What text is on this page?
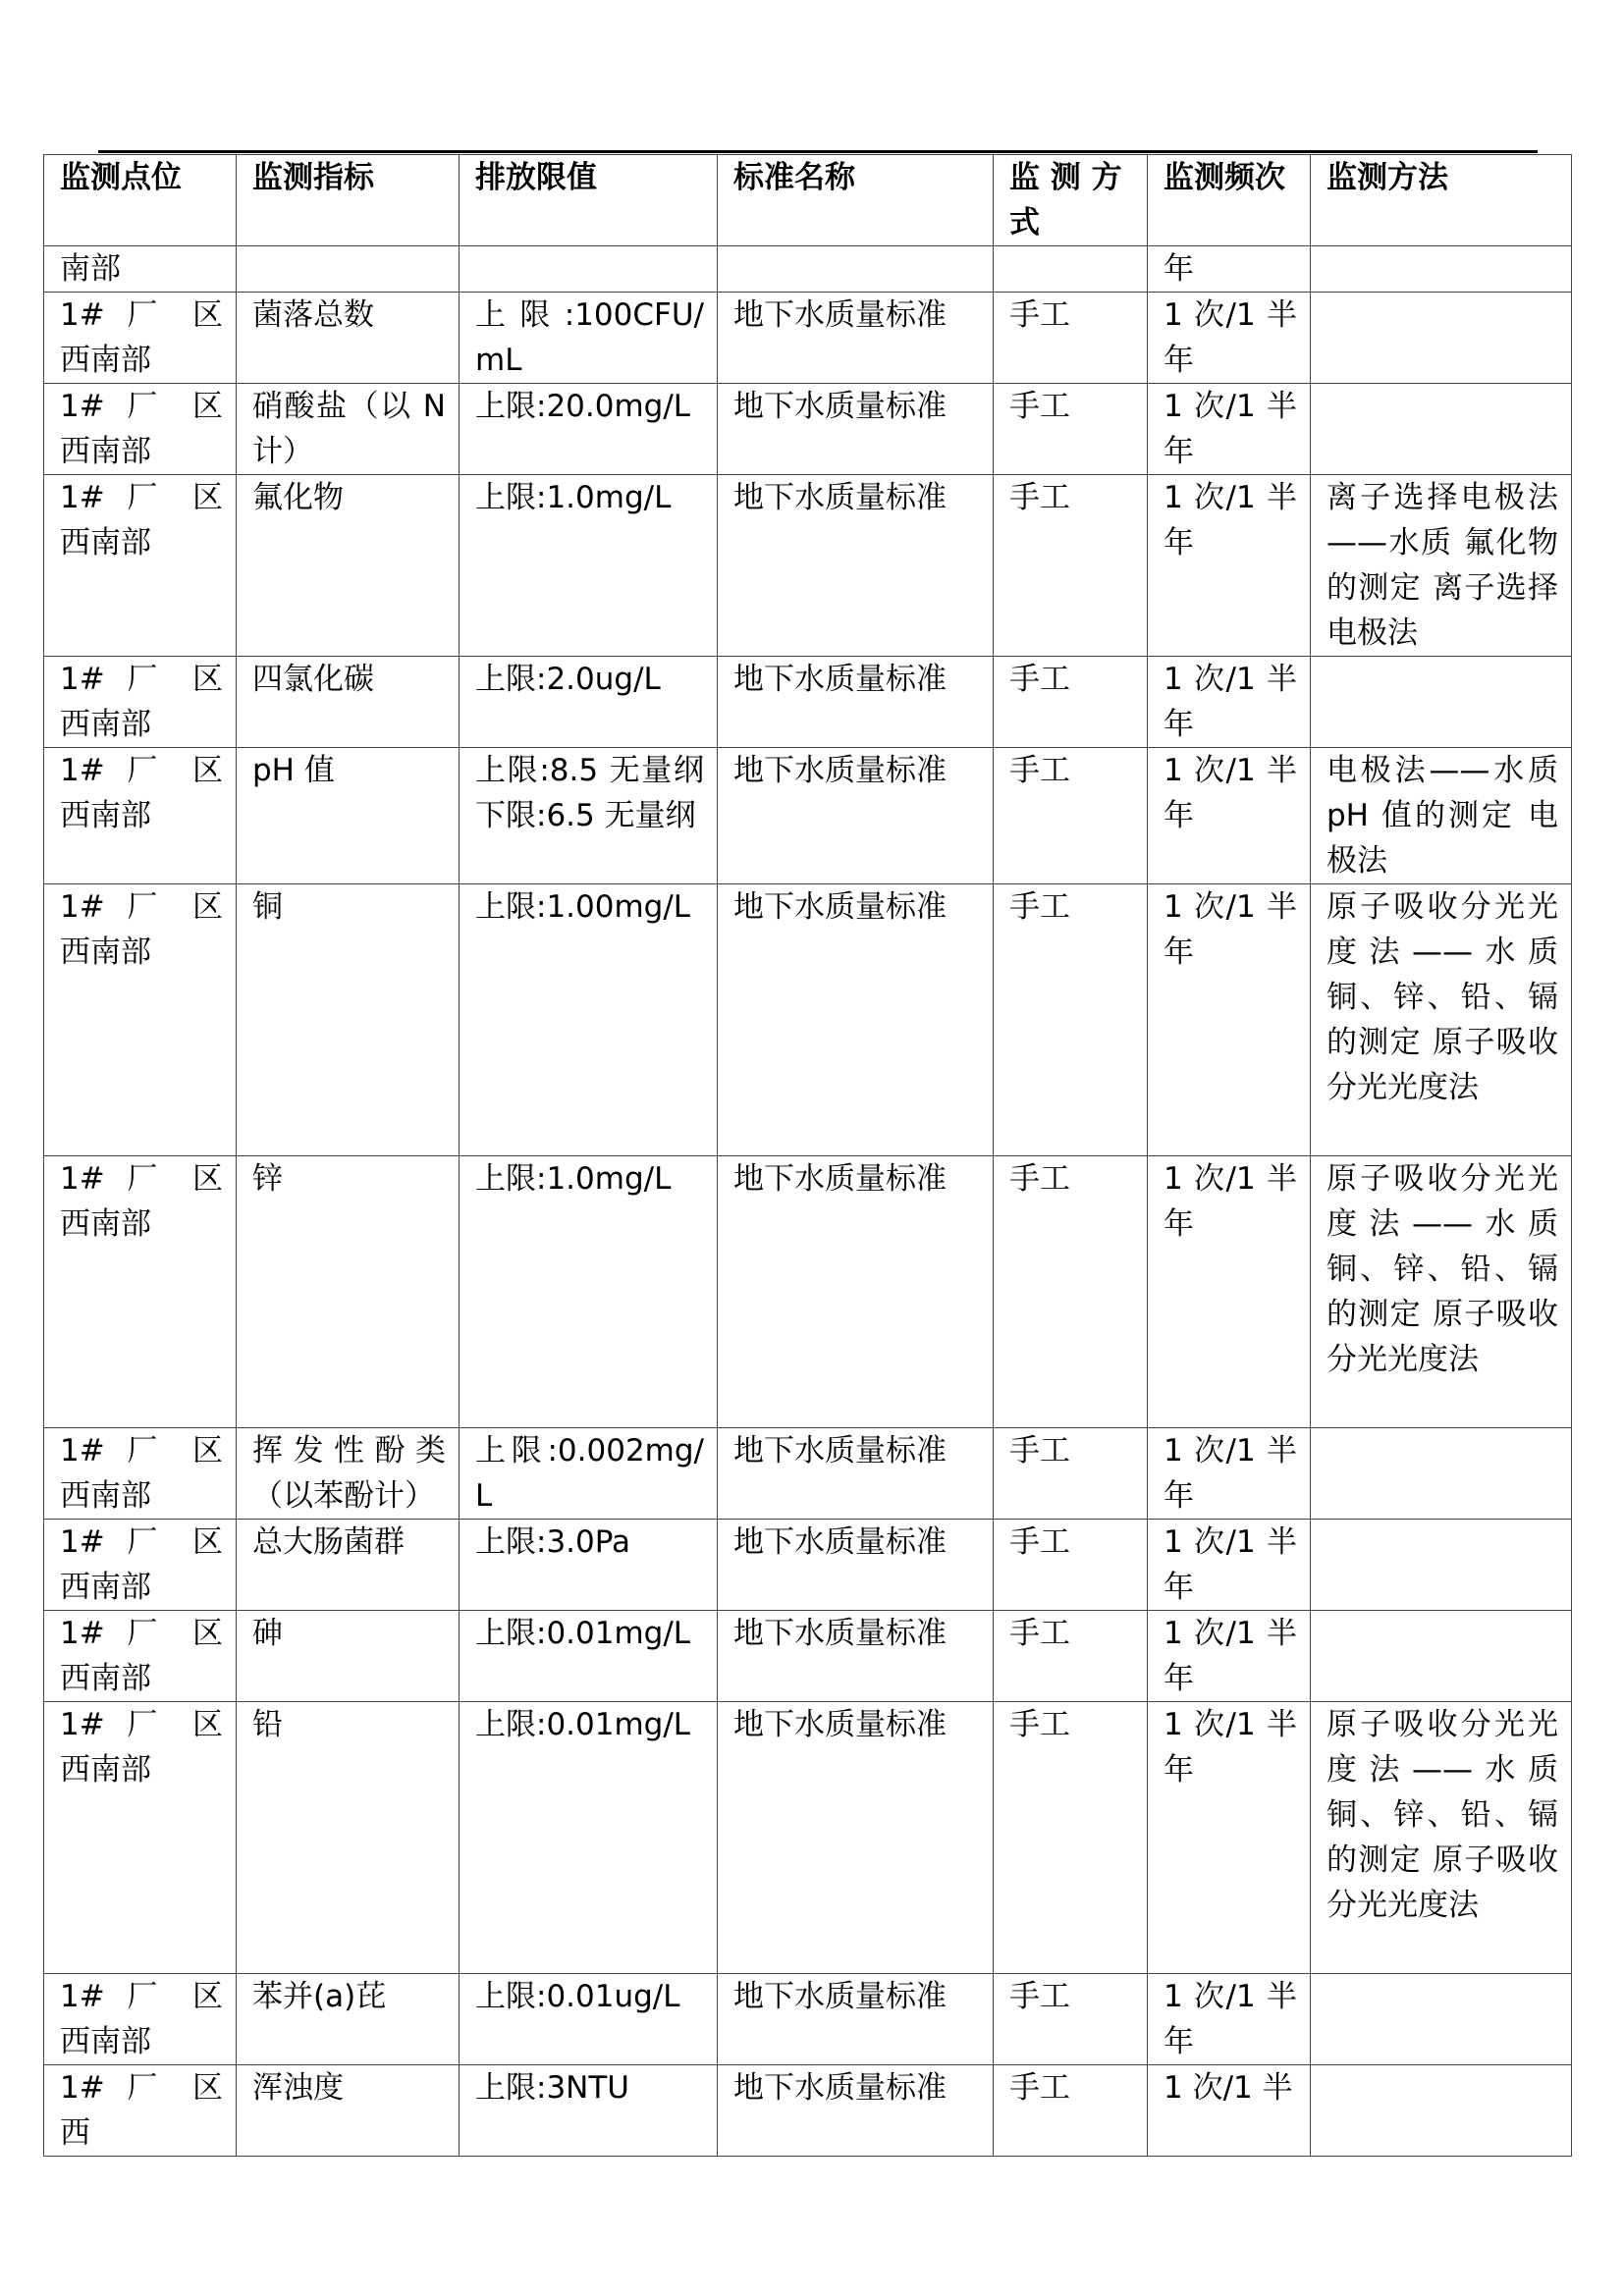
监测点位	监测指标	排放限值	标准名称	监 测 方式	监测频次	监测方法
南部					年	
1# 厂 区 西南部	菌落总数	上限:100CFU/mL	地下水质量标准	手工	1 次/1 半年	
1# 厂 区 西南部	硝酸盐（以 N 计）	上限:20.0mg/L	地下水质量标准	手工	1 次/1 半年	
1# 厂 区 西南部	氟化物	上限:1.0mg/L	地下水质量标准	手工	1 次/1 半年	离子选择电极法——水质 氟化物的测定 离子选择电极法
1# 厂 区 西南部	四氯化碳	上限:2.0ug/L	地下水质量标准	手工	1 次/1 半年	
1# 厂 区 西南部	pH 值	上限:8.5 无量纲 下限:6.5 无量纲	地下水质量标准	手工	1 次/1 半年	电极法——水质 pH 值的测定 电极法
1# 厂 区 西南部	铜	上限:1.00mg/L	地下水质量标准	手工	1 次/1 半年	原子吸收分光光度法——水质 铜、锌、铅、镉的测定 原子吸收分光光度法
1# 厂 区 西南部	锌	上限:1.0mg/L	地下水质量标准	手工	1 次/1 半年	原子吸收分光光度法——水质 铜、锌、铅、镉的测定 原子吸收分光光度法
1# 厂 区 西南部	挥发性酚类（以苯酚计）	上限:0.002mg/L	地下水质量标准	手工	1 次/1 半年	
1# 厂 区 西南部	总大肠菌群	上限:3.0Pa	地下水质量标准	手工	1 次/1 半年	
1# 厂 区 西南部	砷	上限:0.01mg/L	地下水质量标准	手工	1 次/1 半年	
1# 厂 区 西南部	铅	上限:0.01mg/L	地下水质量标准	手工	1 次/1 半年	原子吸收分光光度法——水质 铜、锌、铅、镉的测定 原子吸收分光光度法
1# 厂 区 西南部	苯并(a)芘	上限:0.01ug/L	地下水质量标准	手工	1 次/1 半年	
1# 厂 区 西	浑浊度	上限:3NTU	地下水质量标准	手工	1 次/1 半	
